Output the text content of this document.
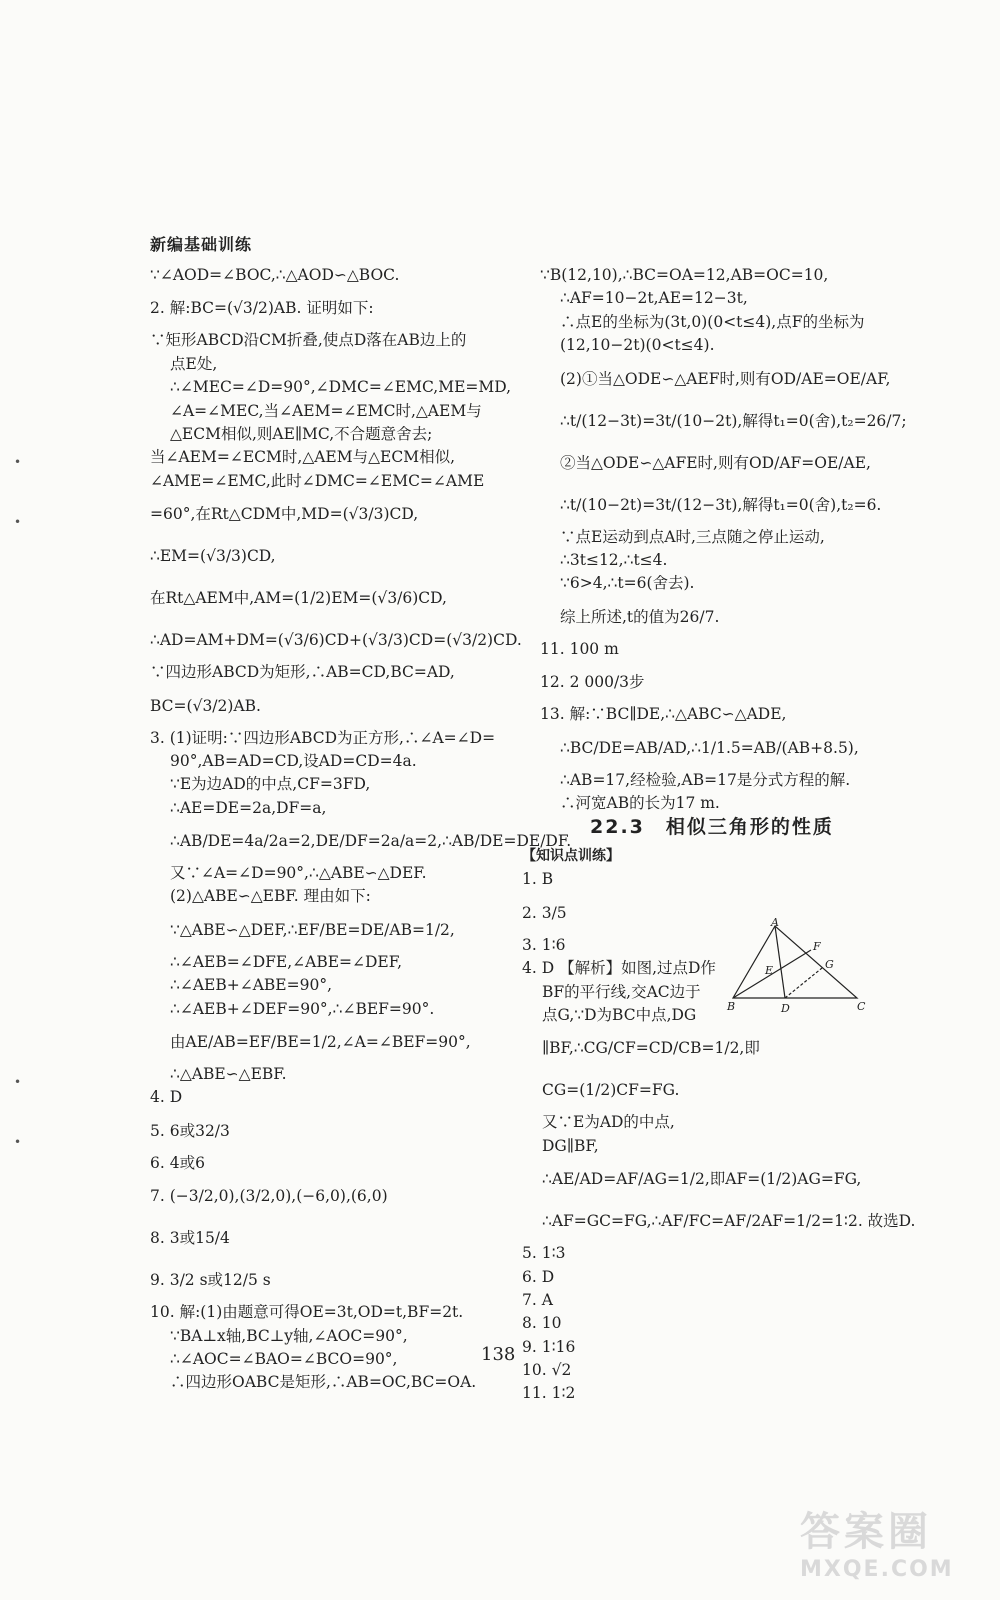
新编基础训练
∵∠AOD=∠BOC,∴△AOD∽△BOC.
2. 解:BC=(√3/2)AB. 证明如下:
∵矩形ABCD沿CM折叠,使点D落在AB边上的
点E处,
∴∠MEC=∠D=90°,∠DMC=∠EMC,ME=MD,
∠A=∠MEC,当∠AEM=∠EMC时,△AEM与
△ECM相似,则AE∥MC,不合题意舍去;
当∠AEM=∠ECM时,△AEM与△ECM相似,
∠AME=∠EMC,此时∠DMC=∠EMC=∠AME
=60°,在Rt△CDM中,MD=(√3/3)CD,
∴EM=(√3/3)CD,
在Rt△AEM中,AM=(1/2)EM=(√3/6)CD,
∴AD=AM+DM=(√3/6)CD+(√3/3)CD=(√3/2)CD.
∵四边形ABCD为矩形,∴AB=CD,BC=AD,
BC=(√3/2)AB.
3. (1)证明:∵四边形ABCD为正方形,∴∠A=∠D=
90°,AB=AD=CD,设AD=CD=4a.
∵E为边AD的中点,CF=3FD,
∴AE=DE=2a,DF=a,
∴AB/DE=4a/2a=2,DE/DF=2a/a=2,∴AB/DE=DE/DF.
又∵∠A=∠D=90°,∴△ABE∽△DEF.
(2)△ABE∽△EBF. 理由如下:
∵△ABE∽△DEF,∴EF/BE=DE/AB=1/2,
∴∠AEB=∠DFE,∠ABE=∠DEF,
∴∠AEB+∠ABE=90°,
∴∠AEB+∠DEF=90°,∴∠BEF=90°.
由AE/AB=EF/BE=1/2,∠A=∠BEF=90°,
∴△ABE∽△EBF.
4. D
5. 6或32/3
6. 4或6
7. (−3/2,0),(3/2,0),(−6,0),(6,0)
8. 3或15/4
9. 3/2 s或12/5 s
10. 解:(1)由题意可得OE=3t,OD=t,BF=2t.
∵BA⊥x轴,BC⊥y轴,∠AOC=90°,
∴∠AOC=∠BAO=∠BCO=90°,
∴四边形OABC是矩形,∴AB=OC,BC=OA.
∵B(12,10),∴BC=OA=12,AB=OC=10,
∴AF=10−2t,AE=12−3t,
∴点E的坐标为(3t,0)(0<t≤4),点F的坐标为
(12,10−2t)(0<t≤4).
(2)①当△ODE∽△AEF时,则有OD/AE=OE/AF,
∴t/(12−3t)=3t/(10−2t),解得t₁=0(舍),t₂=26/7;
②当△ODE∽△AFE时,则有OD/AF=OE/AE,
∴t/(10−2t)=3t/(12−3t),解得t₁=0(舍),t₂=6.
∵点E运动到点A时,三点随之停止运动,
∴3t≤12,∴t≤4.
∵6>4,∴t=6(舍去).
综上所述,t的值为26/7.
11. 100 m
12. 2 000/3步
13. 解:∵BC∥DE,∴△ABC∽△ADE,
∴BC/DE=AB/AD,∴1/1.5=AB/(AB+8.5),
∴AB=17,经检验,AB=17是分式方程的解.
∴河宽AB的长为17 m.
22.3　相似三角形的性质
【知识点训练】
1. B
2. 3/5
3. 1∶6
4. D 【解析】如图,过点D作
BF的平行线,交AC边于
点G,∵D为BC中点,DG
∥BF,∴CG/CF=CD/CB=1/2,即
CG=(1/2)CF=FG.
又∵E为AD的中点,
DG∥BF,
∴AE/AD=AF/AG=1/2,即AF=(1/2)AG=FG,
∴AF=GC=FG,∴AF/FC=AF/2AF=1/2=1∶2. 故选D.
5. 1∶3
6. D
7. A
8. 10
9. 1∶16
10. √2
11. 1∶2
A
B	C
D
E
F
G
138
答案圈
MXQE.COM
•
•
•
•
